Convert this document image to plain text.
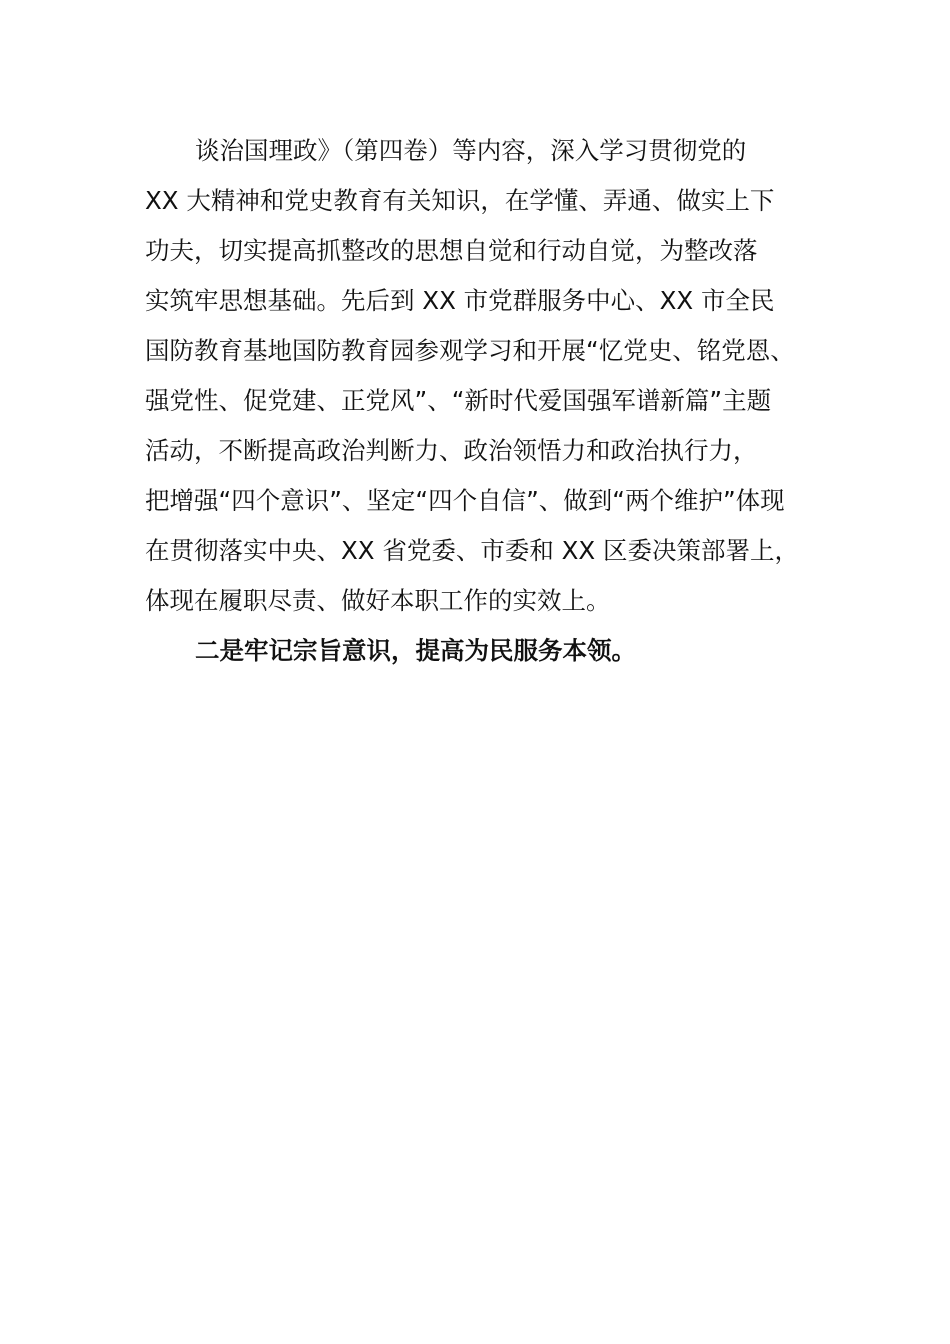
谈治国理政》（第四卷）等内容，深入学习贯彻党的
XX 大精神和党史教育有关知识，在学懂、弄通、做实上下
功夫，切实提高抓整改的思想自觉和行动自觉，为整改落
实筑牢思想基础。先后到 XX 市党群服务中心、XX 市全民
国防教育基地国防教育园参观学习和开展“忆党史、铭党恩、
强党性、促党建、正党风”、“新时代爱国强军谱新篇”主题
活动，不断提高政治判断力、政治领悟力和政治执行力，
把增强“四个意识”、坚定“四个自信”、做到“两个维护”体现
在贯彻落实中央、XX 省党委、市委和 XX 区委决策部署上，
体现在履职尽责、做好本职工作的实效上。
二是牢记宗旨意识，提高为民服务本领。
